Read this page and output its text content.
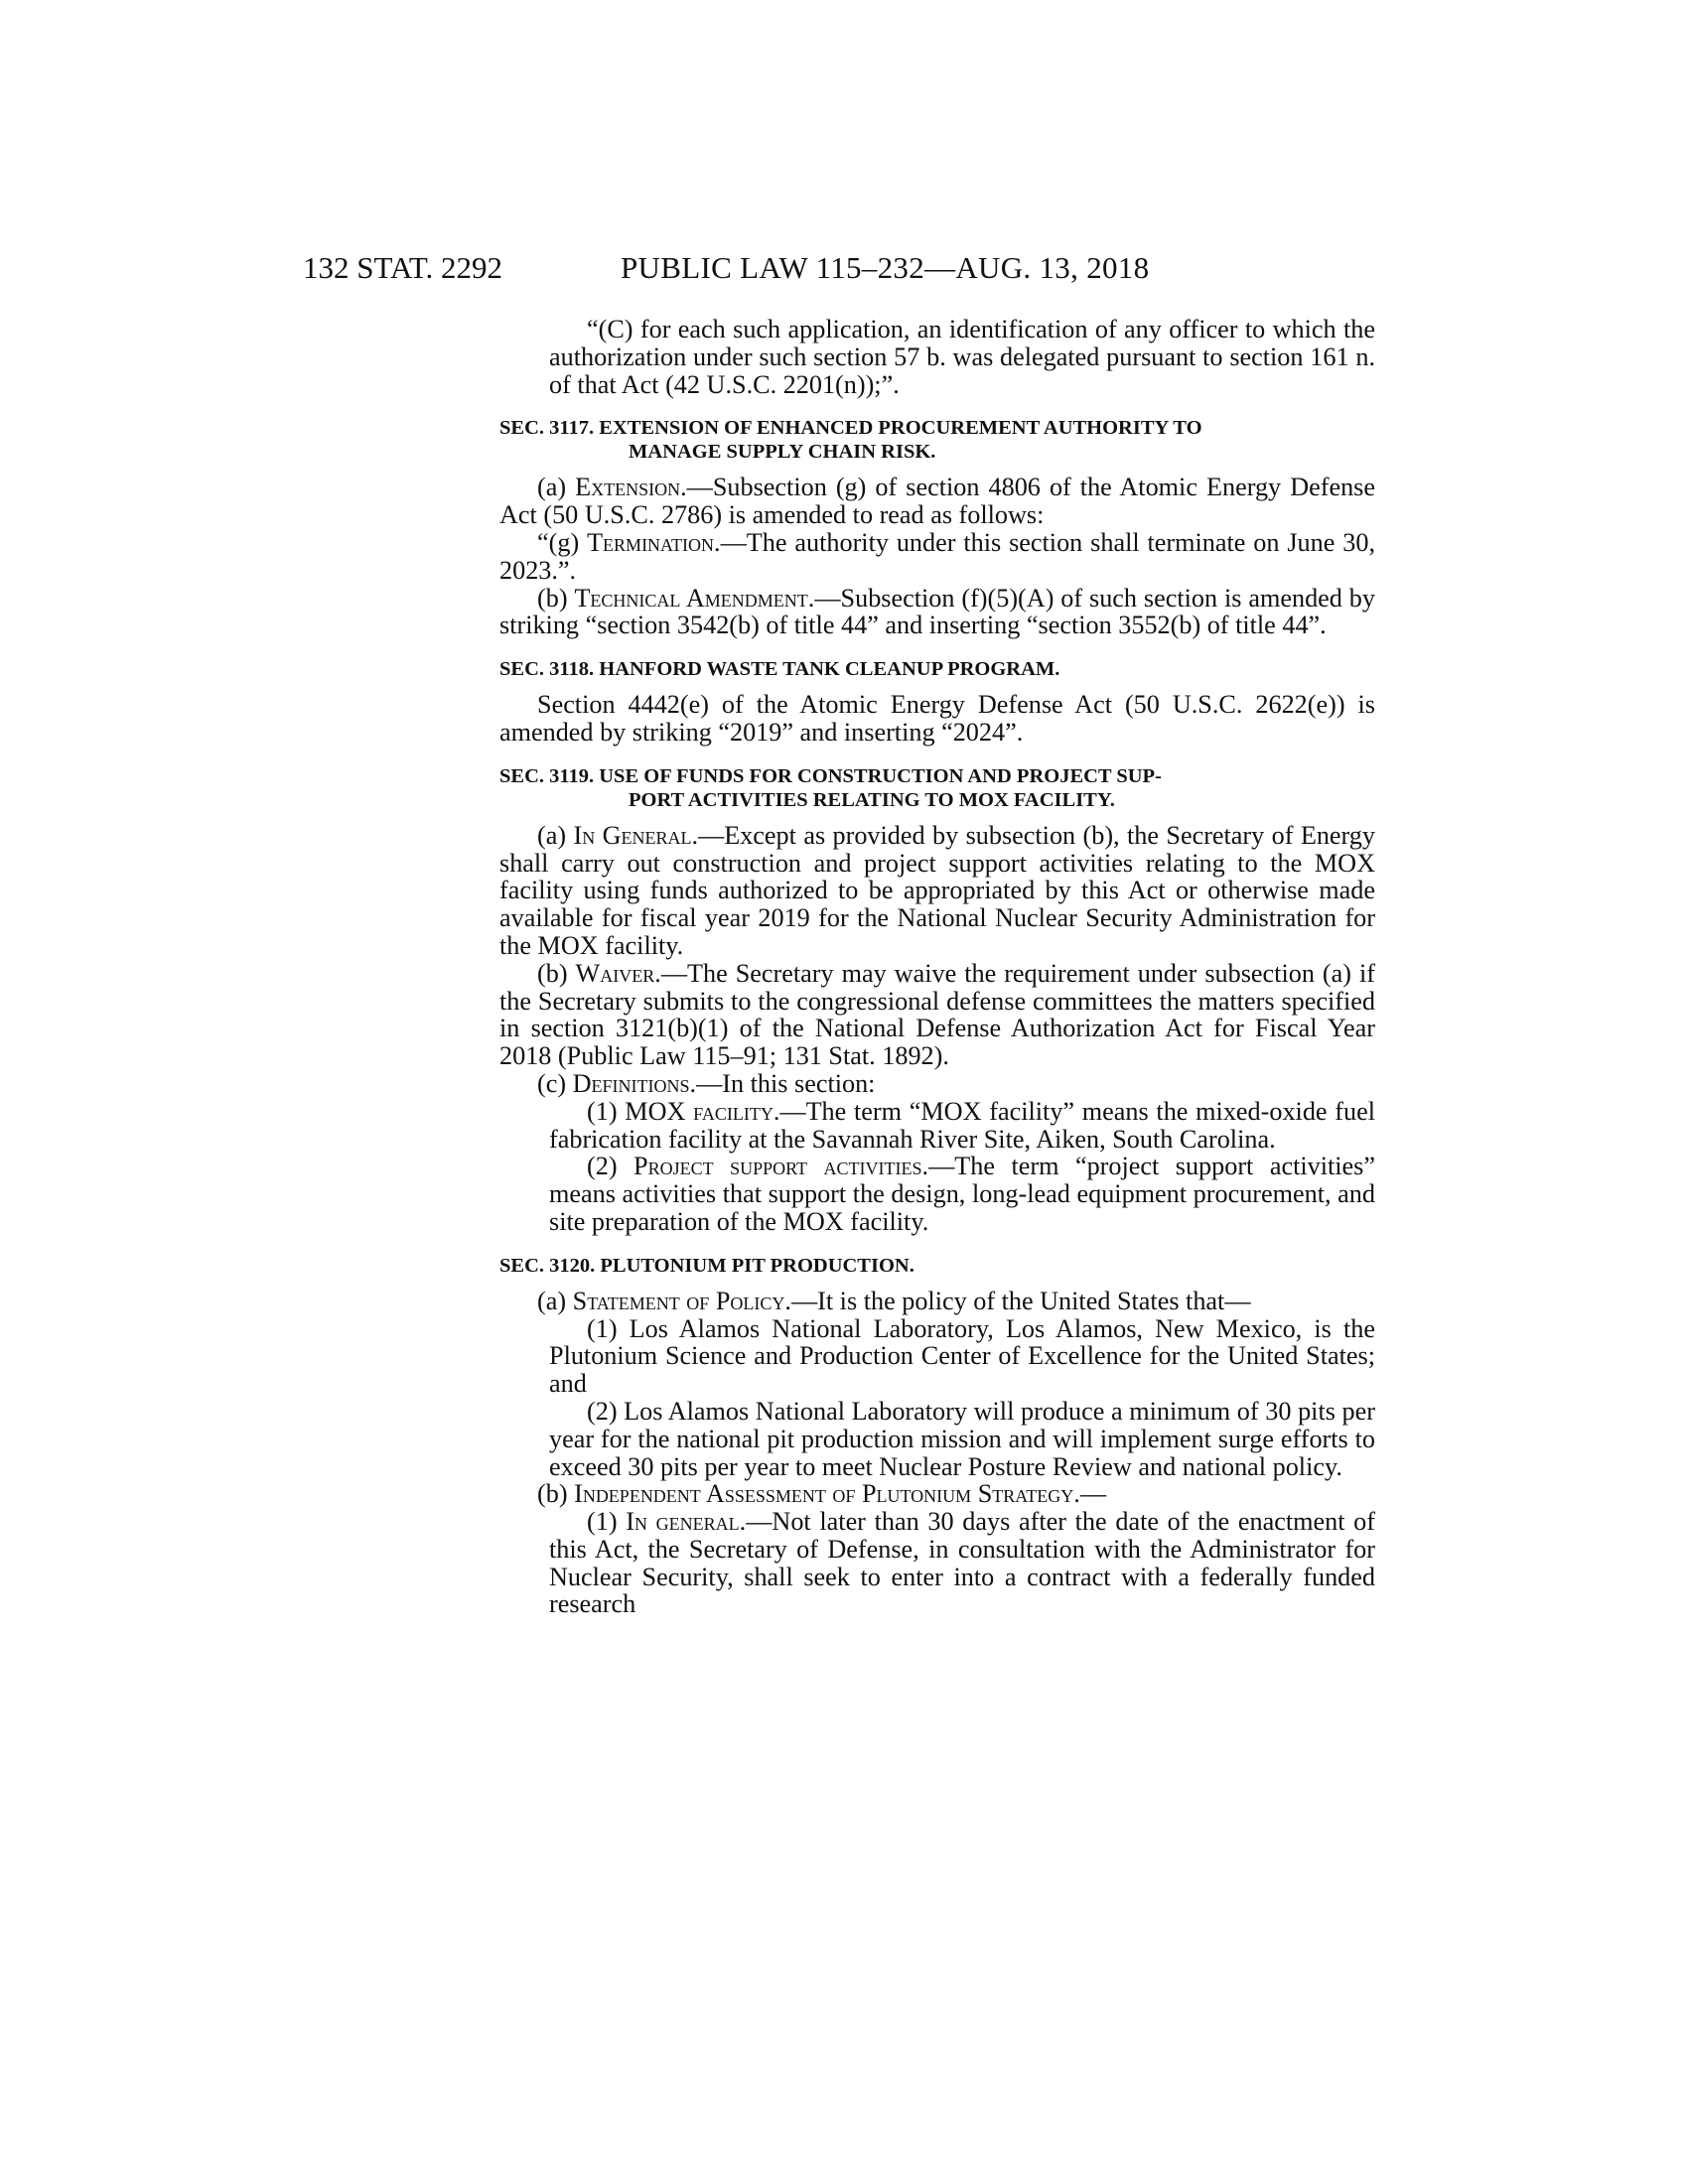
132 STAT. 2292	PUBLIC LAW 115–232—AUG. 13, 2018

“(C) for each such application, an identification of any officer to which the authorization under such section 57 b. was delegated pursuant to section 161 n. of that Act (42 U.S.C. 2201(n));”.

SEC. 3117. EXTENSION OF ENHANCED PROCUREMENT AUTHORITY TO
MANAGE SUPPLY CHAIN RISK.

(a) Extension.—Subsection (g) of section 4806 of the Atomic Energy Defense Act (50 U.S.C. 2786) is amended to read as follows:

“(g) Termination.—The authority under this section shall terminate on June 30, 2023.”.

(b) Technical Amendment.—Subsection (f)(5)(A) of such section is amended by striking “section 3542(b) of title 44” and inserting “section 3552(b) of title 44”.

SEC. 3118. HANFORD WASTE TANK CLEANUP PROGRAM.

Section 4442(e) of the Atomic Energy Defense Act (50 U.S.C. 2622(e)) is amended by striking “2019” and inserting “2024”.

SEC. 3119. USE OF FUNDS FOR CONSTRUCTION AND PROJECT SUP-
PORT ACTIVITIES RELATING TO MOX FACILITY.

(a) In General.—Except as provided by subsection (b), the Secretary of Energy shall carry out construction and project support activities relating to the MOX facility using funds authorized to be appropriated by this Act or otherwise made available for fiscal year 2019 for the National Nuclear Security Administration for the MOX facility.

(b) Waiver.—The Secretary may waive the requirement under subsection (a) if the Secretary submits to the congressional defense committees the matters specified in section 3121(b)(1) of the National Defense Authorization Act for Fiscal Year 2018 (Public Law 115–91; 131 Stat. 1892).

(c) Definitions.—In this section:

(1) MOX facility.—The term “MOX facility” means the mixed-oxide fuel fabrication facility at the Savannah River Site, Aiken, South Carolina.

(2) Project support activities.—The term “project support activities” means activities that support the design, long-lead equipment procurement, and site preparation of the MOX facility.

SEC. 3120. PLUTONIUM PIT PRODUCTION.

(a) Statement of Policy.—It is the policy of the United States that—

(1) Los Alamos National Laboratory, Los Alamos, New Mexico, is the Plutonium Science and Production Center of Excellence for the United States; and

(2) Los Alamos National Laboratory will produce a minimum of 30 pits per year for the national pit production mission and will implement surge efforts to exceed 30 pits per year to meet Nuclear Posture Review and national policy.

(b) Independent Assessment of Plutonium Strategy.—

(1) In general.—Not later than 30 days after the date of the enactment of this Act, the Secretary of Defense, in consultation with the Administrator for Nuclear Security, shall seek to enter into a contract with a federally funded research
